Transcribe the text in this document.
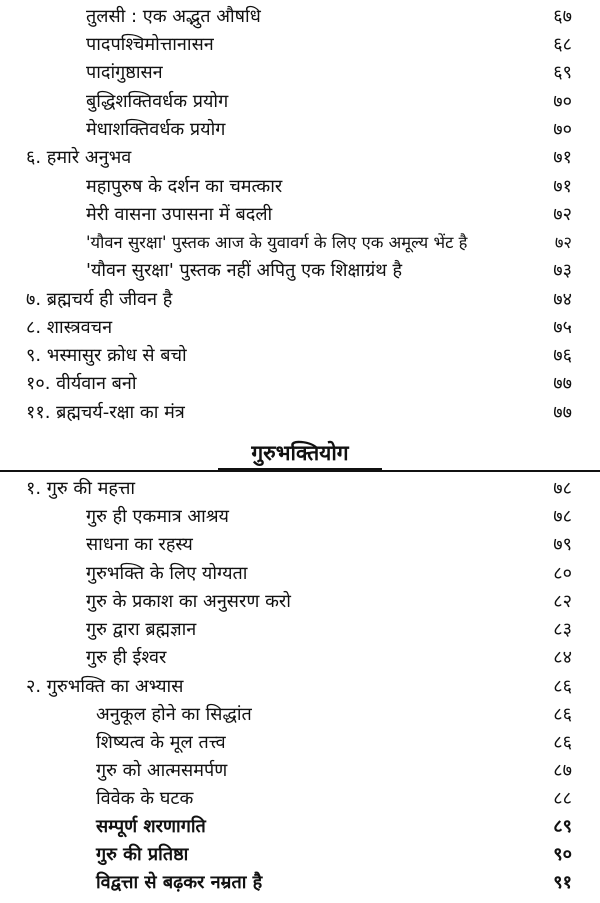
तुलसी : एक अद्भुत औषधि	६७
पादपश्चिमोत्तानासन	६८
पादांगुष्ठासन	६९
बुद्धिशक्तिवर्धक प्रयोग	७०
मेधाशक्तिवर्धक प्रयोग	७०
६. हमारे अनुभव	७१
महापुरुष के दर्शन का चमत्कार	७१
मेरी वासना उपासना में बदली	७२
'यौवन सुरक्षा' पुस्तक आज के युवावर्ग के लिए एक अमूल्य भेंट है	७२
'यौवन सुरक्षा' पुस्तक नहीं अपितु एक शिक्षाग्रंथ है	७३
७. ब्रह्मचर्य ही जीवन है	७४
८. शास्त्रवचन	७५
९. भस्मासुर क्रोध से बचो	७६
१०. वीर्यवान बनो	७७
११. ब्रह्मचर्य-रक्षा का मंत्र	७७
गुरुभक्तियोग
१. गुरु की महत्ता	७८
गुरु ही एकमात्र आश्रय	७८
साधना का रहस्य	७९
गुरुभक्ति के लिए योग्यता	८०
गुरु के प्रकाश का अनुसरण करो	८२
गुरु द्वारा ब्रह्मज्ञान	८३
गुरु ही ईश्वर	८४
२. गुरुभक्ति का अभ्यास	८६
अनुकूल होने का सिद्धांत	८६
शिष्यत्व के मूल तत्त्व	८६
गुरु को आत्मसमर्पण	८७
विवेक के घटक	८८
सम्पूर्ण शरणागति	८९
गुरु की प्रतिष्ठा	९०
विद्वत्ता से बढ़कर नम्रता है	९१
